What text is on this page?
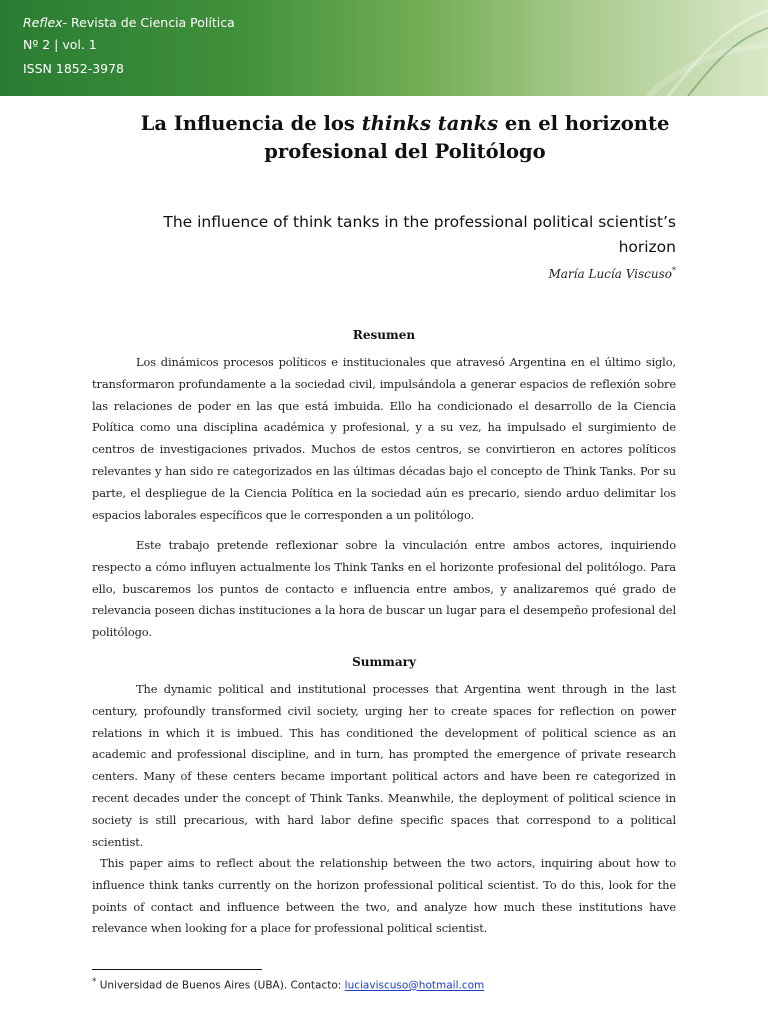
Reflex- Revista de Ciencia Política
Nº 2 | vol. 1
ISSN 1852-3978
La Influencia de los thinks tanks en el horizonte profesional del Politólogo
The influence of think tanks in the professional political scientist’s horizon
María Lucía Viscuso*
Resumen

Los dinámicos procesos políticos e institucionales que atravesó Argentina en el último siglo, transformaron profundamente a la sociedad civil, impulsándola a generar espacios de reflexión sobre las relaciones de poder en las que está imbuida. Ello ha condicionado el desarrollo de la Ciencia Política como una disciplina académica y profesional, y a su vez, ha impulsado el surgimiento de centros de investigaciones privados. Muchos de estos centros, se convirtieron en actores políticos relevantes y han sido re categorizados en las últimas décadas bajo el concepto de Think Tanks. Por su parte, el despliegue de la Ciencia Política en la sociedad aún es precario, siendo arduo delimitar los espacios laborales específicos que le corresponden a un politólogo.

Este trabajo pretende reflexionar sobre la vinculación entre ambos actores, inquiriendo respecto a cómo influyen actualmente los Think Tanks en el horizonte profesional del politólogo. Para ello, buscaremos los puntos de contacto e influencia entre ambos, y analizaremos qué grado de relevancia poseen dichas instituciones a la hora de buscar un lugar para el desempeño profesional del politólogo.

Summary

The dynamic political and institutional processes that Argentina went through in the last century, profoundly transformed civil society, urging her to create spaces for reflection on power relations in which it is imbued. This has conditioned the development of political science as an academic and professional discipline, and in turn, has prompted the emergence of private research centers. Many of these centers became important political actors and have been re categorized in recent decades under the concept of Think Tanks. Meanwhile, the deployment of political science in society is still precarious, with hard labor define specific spaces that correspond to a political scientist.

This paper aims to reflect about the relationship between the two actors, inquiring about how to influence think tanks currently on the horizon professional political scientist. To do this, look for the points of contact and influence between the two, and analyze how much these institutions have relevance when looking for a place for professional political scientist.

* Universidad de Buenos Aires (UBA). Contacto: luciaviscuso@hotmail.com
